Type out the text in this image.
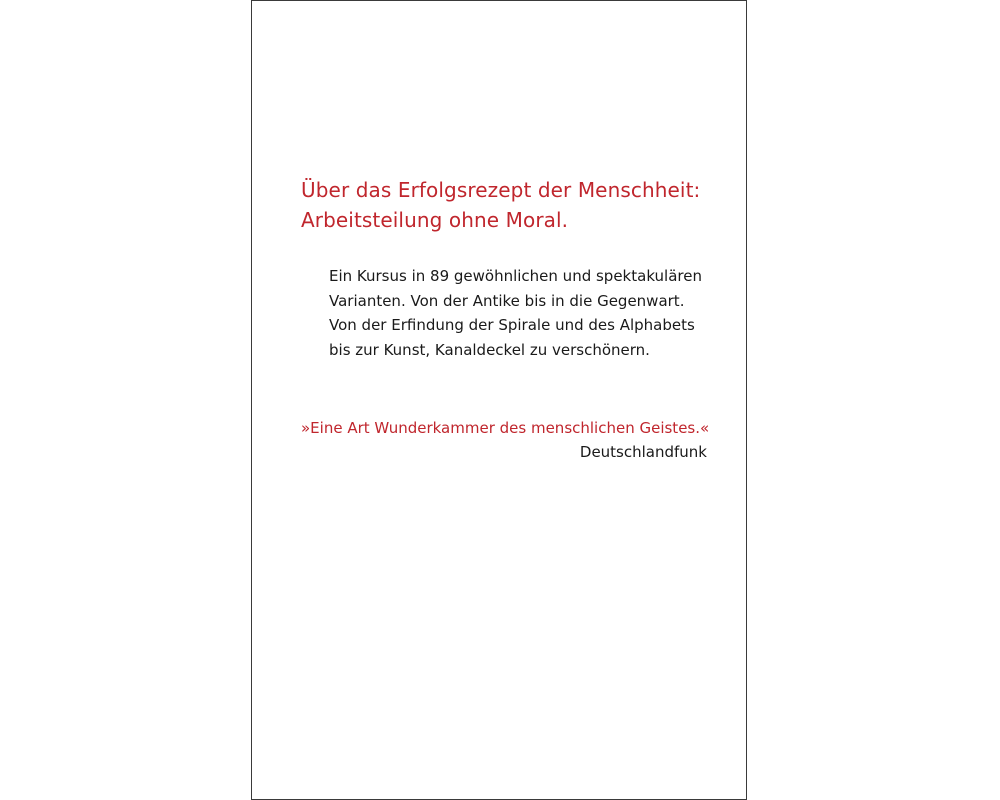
Über das Erfolgsrezept der Menschheit:
Arbeitsteilung ohne Moral.

Ein Kursus in 89 gewöhnlichen und spektakulären
Varianten. Von der Antike bis in die Gegenwart.
Von der Erfindung der Spirale und des Alphabets
bis zur Kunst, Kanaldeckel zu verschönern.

»Eine Art Wunderkammer des menschlichen Geistes.«

Deutschlandfunk
